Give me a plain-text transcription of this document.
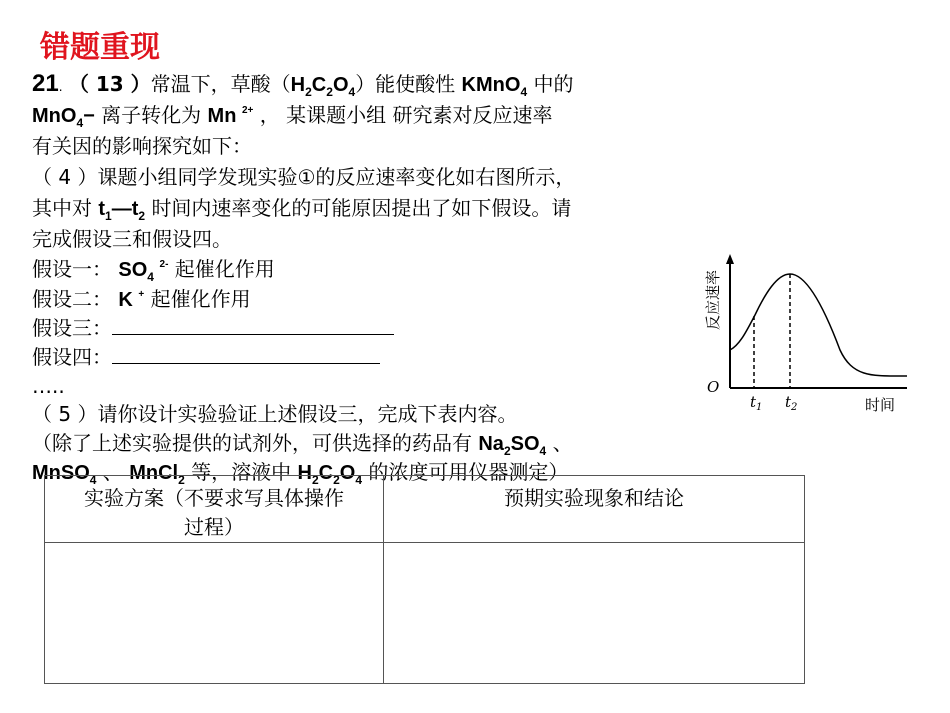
错题重现
21. （ 13 ）常温下，草酸$(H_2C_2O_4)$能使酸性 KMnO$_4$ 中的
MnO$_4$− 离子转化为 Mn $^{2+}$ ， 某课题小组 研究素对反应速率
有关因的影响探究如下：
（ 4 ）课题小组同学发现实验①的反应速率变化如右图所示，
其中对 $t_1—t_2$ 时间内速率变化的可能原因提出了如下假设。请
完成假设三和假设四。
假设一： $SO_4$ $^{2-}$ 起催化作用
假设二： K + 起催化作用
假设三：
假设四：
…..
（ 5 ）请你设计实验验证上述假设三，完成下表内容。
（除了上述实验提供的试剂外，可供选择的药品有 $Na_2SO_4$ 、
MnSO$_4$ 、 MnCl$_2$ 等，溶液中 $H_2C_2O_4$ 的浓度可用仪器测定）
实验方案（不要求写具体操作
过程）	预期实验现象和结论

O
$t_1$ $t_2$	时间
反应速率
